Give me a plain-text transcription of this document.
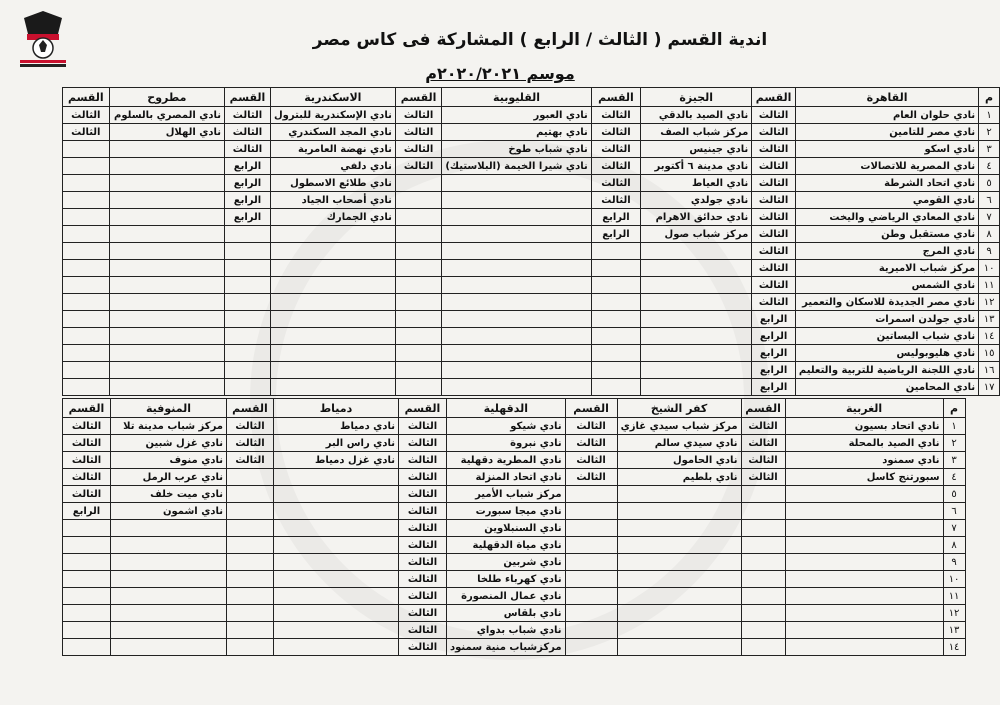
اندية القسم ( الثالث / الرابع ) المشاركة فى كاس مصر
موسم ٢٠٢٠/٢٠٢١م
م	القاهرة	القسم	الجيزة	القسم	القليوبية	القسم	الاسكندرية	القسم	مطروح	القسم
١	نادي حلوان العام	الثالث	نادي الصيد بالدقي	الثالث	نادي العبور	الثالث	نادي الإسكندرية للبترول	الثالث	نادي المصري بالسلوم	الثالث
٢	نادي مصر للتامين	الثالث	مركز شباب الصف	الثالث	نادي بهتيم	الثالث	نادي المجد السكندري	الثالث	نادي الهلال	الثالث
٣	نادي اسكو	الثالث	نادي جينيس	الثالث	نادي شباب طوخ	الثالث	نادي نهضة العامرية	الثالث		
٤	نادي المصرية للاتصالات	الثالث	نادي مدينة ٦ أكتوبر	الثالث	نادي شيرا الخيمة (البلاستيك)	الثالث	نادي دلفي	الرابع		
٥	نادي اتحاد الشرطة	الثالث	نادي العياط	الثالث			نادي طلائع الاسطول	الرابع		
٦	نادي القومي	الثالث	نادي جولدي	الثالث			نادي أصحاب الجياد	الرابع		
٧	نادي المعادي الرياضي واليخت	الثالث	نادي حدائق الاهرام	الرابع			نادي الجمارك	الرابع		
٨	نادي مستقبل وطن	الثالث	مركز شباب صول	الرابع						
٩	نادي المرج	الثالث								
١٠	مركز شباب الاميرية	الثالث								
١١	نادي الشمس	الثالث								
١٢	نادي مصر الجديدة للاسكان والتعمير	الثالث								
١٣	نادي جولدن اسمرات	الرابع								
١٤	نادي شباب البساتين	الرابع								
١٥	نادي هليوبوليس	الرابع								
١٦	نادي اللجنة الرياضية للتربية والتعليم	الرابع								
١٧	نادي المحامين	الرابع								
م	الغربية	القسم	كفر الشيخ	القسم	الدقهلية	القسم	دمياط	القسم	المنوفية	القسم
١	نادي اتحاد بسيون	الثالث	مركز شباب سيدي غازي	الثالث	نادي شيكو	الثالث	نادي دمياط	الثالث	مركز شباب مدينة تلا	الثالث
٢	نادي الصيد بالمحلة	الثالث	نادي سيدي سالم	الثالث	نادي نبروة	الثالث	نادي راس البر	الثالث	نادي غزل شبين	الثالث
٣	نادي سمنود	الثالث	نادي الحامول	الثالث	نادي المطرية دقهلية	الثالث	نادي غزل دمياط	الثالث	نادي منوف	الثالث
٤	سبورتنج كاسل	الثالث	نادي بلطيم	الثالث	نادي اتحاد المنزلة	الثالث			نادي عرب الرمل	الثالث
٥					مركز شباب الأمير	الثالث			نادي ميت خلف	الثالث
٦					نادي ميجا سبورت	الثالث			نادي اشمون	الرابع
٧					نادي السنبلاوين	الثالث				
٨					نادي مياة الدقهلية	الثالث				
٩					نادي شربين	الثالث				
١٠					نادي كهرباء طلخا	الثالث				
١١					نادي عمال المنصورة	الثالث				
١٢					نادي بلقاس	الثالث				
١٣					نادي شباب بدواي	الثالث				
١٤					مركزشباب منية سمنود	الثالث				
